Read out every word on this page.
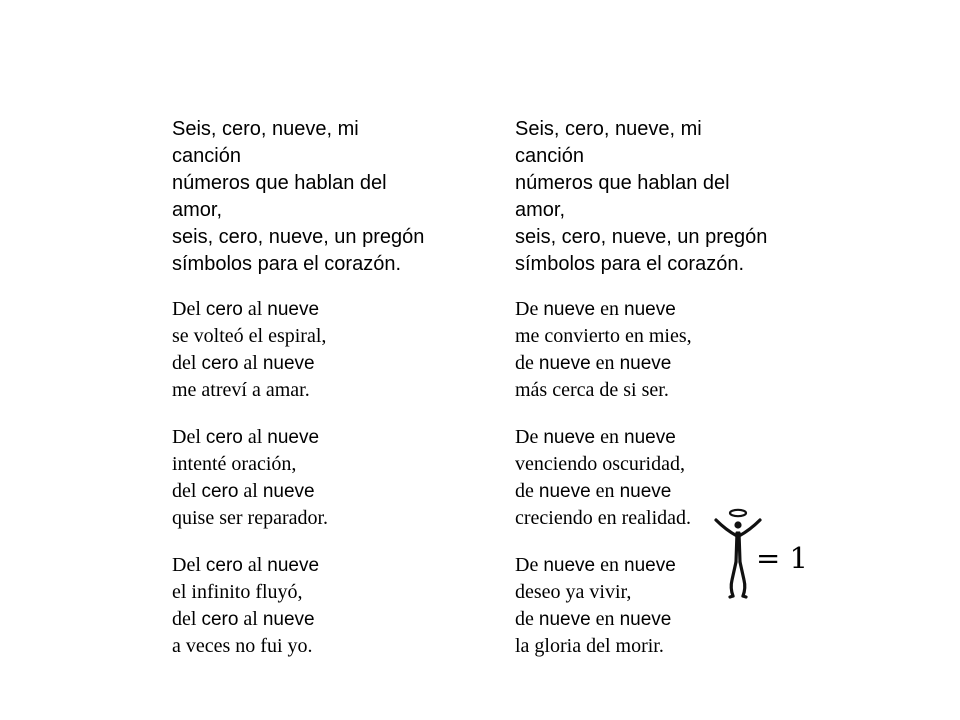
Seis, cero, nueve, mi
canción
números que hablan del
amor,
seis, cero, nueve, un pregón
símbolos para el corazón.
Del cero al nueve
se volteó el espiral,
del cero al nueve
me atreví a amar.
Del cero al nueve
intenté oración,
del cero al nueve
quise ser reparador.
Del cero al nueve
el infinito fluyó,
del cero al nueve
a veces no fui yo.
Seis, cero, nueve, mi
canción
números que hablan del
amor,
seis, cero, nueve, un pregón
símbolos para el corazón.
De nueve en nueve
me convierto en mies,
de nueve en nueve
más cerca de si ser.
De nueve en nueve
venciendo oscuridad,
de nueve en nueve
creciendo en realidad.
De nueve en nueve
deseo ya vivir,
de nueve en nueve
la gloria del morir.
= 1
